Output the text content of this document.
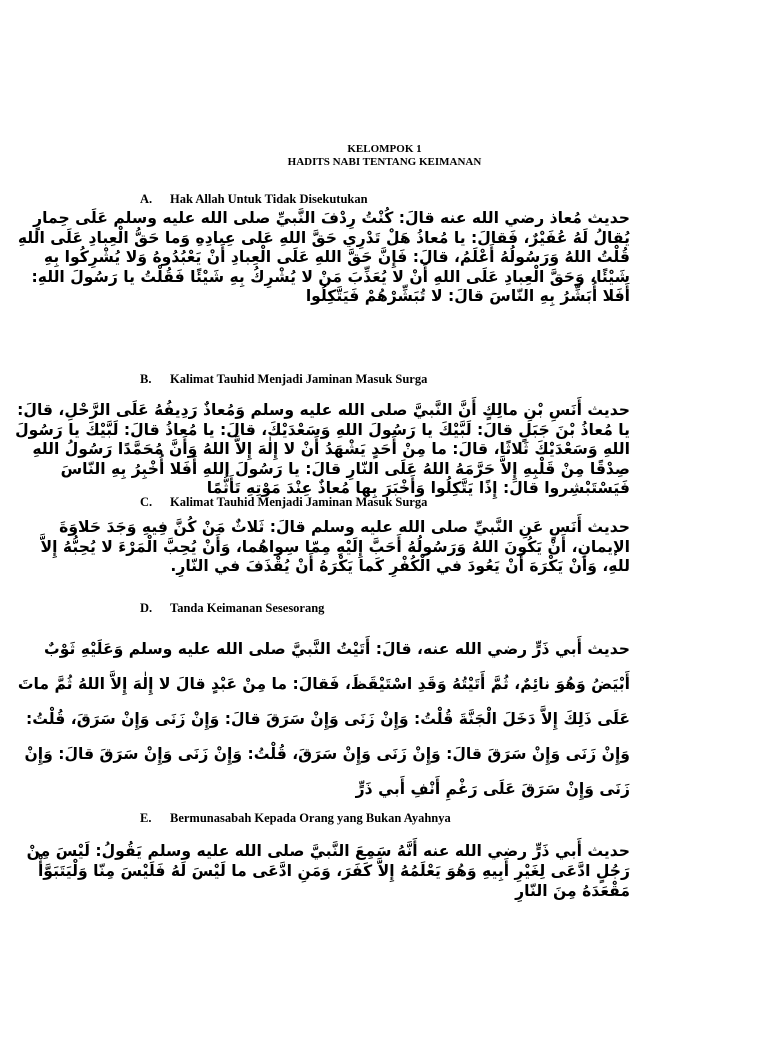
KELOMPOK 1
HADITS NABI TENTANG KEIMANAN
A. Hak Allah Untuk Tidak Disekutukan
حديث مُعاذ رضي الله عنه قالَ: كُنْتُ رِدْفَ النَّبيِّ صلى الله عليه وسلم عَلَى حِمارٍ
يُقالُ لَهُ عُفَيْرٌ، فَقالَ: يا مُعاذُ هَلْ تَدْرِي حَقَّ اللهِ عَلى عِبادِهِ وَما حَقُّ الْعِبادِ عَلَى اللهِ
قُلْتُ اللهُ وَرَسُولُهُ أَعْلَمُ، قالَ: فَإِنَّ حَقَّ اللهِ عَلَى الْعِبادِ أَنْ يَعْبُدُوهُ وَلا يُشْرِكُوا بِهِ
شَيْئًا، وَحَقَّ الْعِبادِ عَلَى اللهِ أَنْ لا يُعَذِّبَ مَنْ لا يُشْرِكُ بِهِ شَيْئًا فَقُلْتُ يا رَسُولَ اللهِ:
أَفَلا أُبَشِّرُ بِهِ النّاسَ قالَ: لا تُبَشِّرْهُمْ فَيَتَّكِلُوا
B. Kalimat Tauhid Menjadi Jaminan Masuk Surga
حديث أَنَسِ بْنِ مالِكٍ أَنَّ النَّبيَّ صلى الله عليه وسلم وَمُعاذٌ رَدِيفُهُ عَلَى الرَّحْلِ، قالَ:
يا مُعاذُ بْنَ جَبَلٍ قالَ: لَبَّيْكَ يا رَسُولَ اللهِ وَسَعْدَيْكَ، قالَ: يا مُعاذُ قالَ: لَبَّيْكَ يا رَسُولَ
اللهِ وَسَعْدَيْكَ ثَلاثًا، قالَ: ما مِنْ أَحَدٍ يَشْهَدُ أَنْ لا إِلٰهَ إِلاَّ اللهُ وَأَنَّ مُحَمَّدًا رَسُولُ اللهِ
صِدْقًا مِنْ قَلْبِهِ إِلاَّ حَرَّمَهُ اللهُ عَلَى النّارِ قالَ: يا رَسُولَ اللهِ أَفَلا أُخْبِرُ بِهِ النّاسَ
فَيَسْتَبْشِروا قالَ: إِذًا يَتَّكِلُوا وَأَخْبَرَ بِها مُعاذٌ عِنْدَ مَوْتِهِ تَأَثُّمًا
C. Kalimat Tauhid Menjadi Jaminan Masuk Surga
حديث أَنَسٍ عَنِ النَّبيِّ صلى الله عليه وسلم قالَ: ثَلاثٌ مَنْ كُنَّ فِيهِ وَجَدَ حَلاوَةَ
الإيمانِ، أَنْ يَكُونَ اللهُ وَرَسُولُهُ أَحَبَّ إِلَيْهِ مِمّا سِواهُما، وَأَنْ يُحِبَّ الْمَرْءَ لا يُحِبُّهُ إِلاَّ
للهِ، وَأَنْ يَكْرَهَ أَنْ يَعُودَ في الْكُفْرِ كَما يَكْرَهُ أَنْ يُقْذَفَ في النّارِ.
D. Tanda Keimanan Sesesorang
حديث أَبي ذَرٍّ رضي الله عنه، قالَ: أَتَيْتُ النَّبيَّ صلى الله عليه وسلم وَعَلَيْهِ ثَوْبٌ
أَبْيَضُ وَهُوَ نائِمٌ، ثُمَّ أَتَيْتُهُ وَقَدِ اسْتَيْقَظَ، فَقالَ: ما مِنْ عَبْدٍ قالَ لا إِلٰهَ إِلاَّ اللهُ ثُمَّ ماتَ
عَلَى ذَلِكَ إِلاَّ دَخَلَ الْجَنَّةَ قُلْتُ: وَإِنْ زَنَى وَإِنْ سَرَقَ قالَ: وَإِنْ زَنَى وَإِنْ سَرَقَ، قُلْتُ:
وَإِنْ زَنَى وَإِنْ سَرَقَ قالَ: وَإِنْ زَنَى وَإِنْ سَرَقَ، قُلْتُ: وَإِنْ زَنَى وَإِنْ سَرَقَ قالَ: وَإِنْ
زَنَى وَإِنْ سَرَقَ عَلَى رَغْمِ أَنْفِ أَبي ذَرٍّ
E. Bermunasabah Kepada Orang yang Bukan Ayahnya
حديث أَبي ذَرٍّ رضي الله عنه أَنَّهُ سَمِعَ النَّبيَّ صلى الله عليه وسلم يَقُولُ: لَيْسَ مِنْ
رَجُلٍ ادَّعَى لِغَيْرِ أَبِيهِ وَهُوَ يَعْلَمُهُ إِلاَّ كَفَرَ، وَمَنِ ادَّعَى ما لَيْسَ لَهُ فَلَيْسَ مِنّا وَلْيَتَبَوَّأْ
مَقْعَدَهُ مِنَ النّارِ
